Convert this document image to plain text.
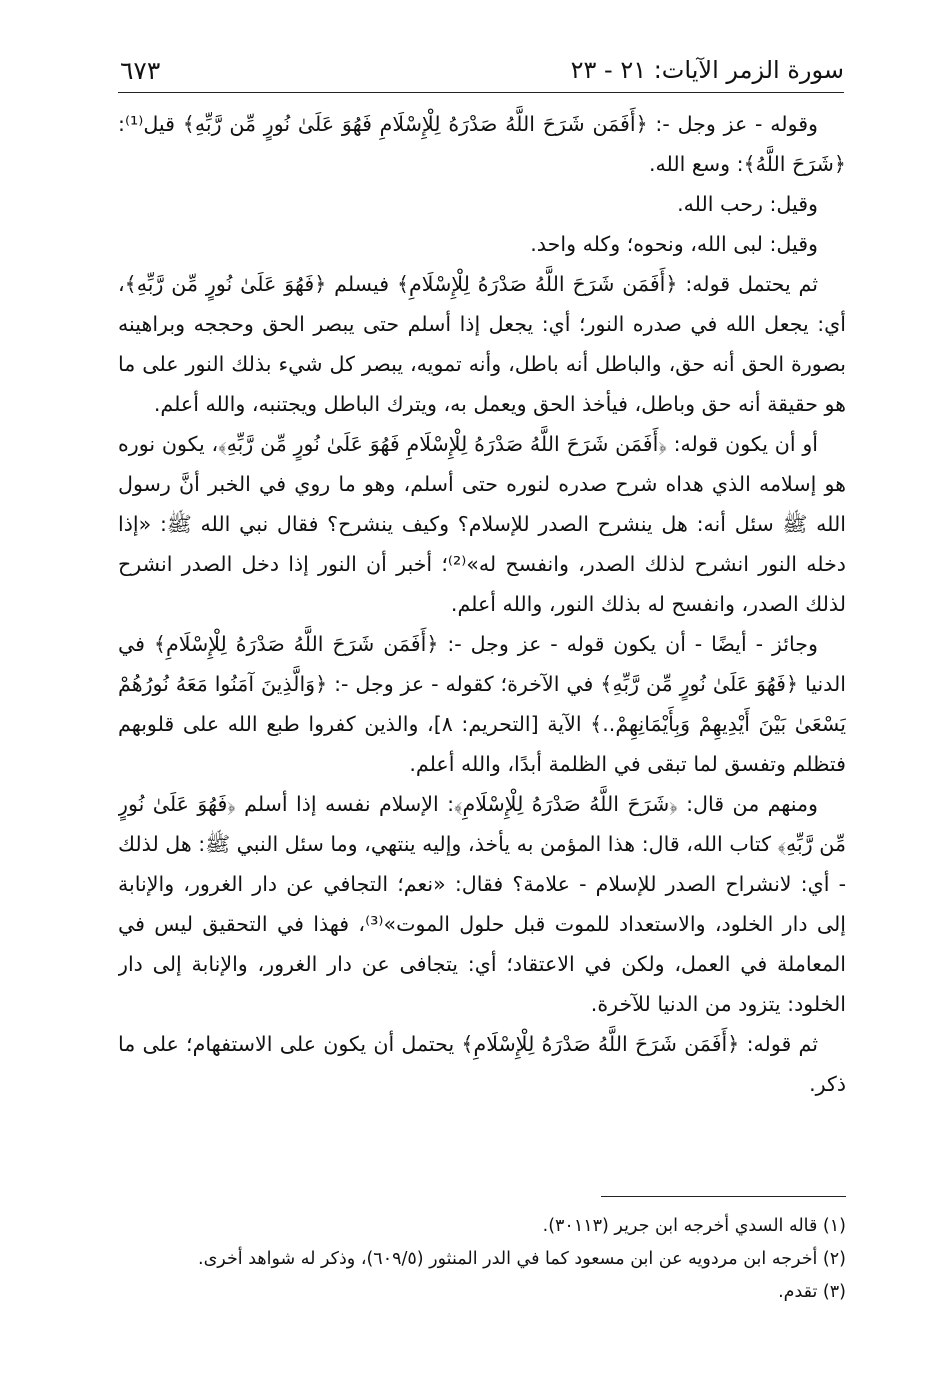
سورة الزمر الآيات: ٢١ - ٢٣
٦٧٣

وقوله - عز وجل -: ﴿أَفَمَن شَرَحَ اللَّهُ صَدْرَهُ لِلْإِسْلَامِ فَهُوَ عَلَىٰ نُورٍ مِّن رَّبِّهِ﴾ قيل⁽¹⁾: ﴿شَرَحَ اللَّهُ﴾: وسع الله.

وقيل: رحب الله.

وقيل: لبى الله، ونحوه؛ وكله واحد.

ثم يحتمل قوله: ﴿أَفَمَن شَرَحَ اللَّهُ صَدْرَهُ لِلْإِسْلَامِ﴾ فيسلم ﴿فَهُوَ عَلَىٰ نُورٍ مِّن رَّبِّهِ﴾، أي: يجعل الله في صدره النور؛ أي: يجعل إذا أسلم حتى يبصر الحق وحججه وبراهينه بصورة الحق أنه حق، والباطل أنه باطل، وأنه تمويه، يبصر كل شيء بذلك النور على ما هو حقيقة أنه حق وباطل، فيأخذ الحق ويعمل به، ويترك الباطل ويجتنبه، والله أعلم.

أو أن يكون قوله: ﴿أَفَمَن شَرَحَ اللَّهُ صَدْرَهُ لِلْإِسْلَامِ فَهُوَ عَلَىٰ نُورٍ مِّن رَّبِّهِ﴾، يكون نوره هو إسلامه الذي هداه شرح صدره لنوره حتى أسلم، وهو ما روي في الخبر أنَّ رسول الله ﷺ سئل أنه: هل ينشرح الصدر للإسلام؟ وكيف ينشرح؟ فقال نبي الله ﷺ: «إذا دخله النور انشرح لذلك الصدر، وانفسح له»⁽²⁾؛ أخبر أن النور إذا دخل الصدر انشرح لذلك الصدر، وانفسح له بذلك النور، والله أعلم.

وجائز - أيضًا - أن يكون قوله - عز وجل -: ﴿أَفَمَن شَرَحَ اللَّهُ صَدْرَهُ لِلْإِسْلَامِ﴾ في الدنيا ﴿فَهُوَ عَلَىٰ نُورٍ مِّن رَّبِّهِ﴾ في الآخرة؛ كقوله - عز وجل -: ﴿وَالَّذِينَ آمَنُوا مَعَهُ نُورُهُمْ يَسْعَىٰ بَيْنَ أَيْدِيهِمْ وَبِأَيْمَانِهِمْ..﴾ الآية [التحريم: ٨]، والذين كفروا طبع الله على قلوبهم فتظلم وتفسق لما تبقى في الظلمة أبدًا، والله أعلم.

ومنهم من قال: ﴿شَرَحَ اللَّهُ صَدْرَهُ لِلْإِسْلَامِ﴾: الإسلام نفسه إذا أسلم ﴿فَهُوَ عَلَىٰ نُورٍ مِّن رَّبِّهِ﴾ كتاب الله، قال: هذا المؤمن به يأخذ، وإليه ينتهي، وما سئل النبي ﷺ: هل لذلك - أي: لانشراح الصدر للإسلام - علامة؟ فقال: «نعم؛ التجافي عن دار الغرور، والإنابة إلى دار الخلود، والاستعداد للموت قبل حلول الموت»⁽³⁾، فهذا في التحقيق ليس في المعاملة في العمل، ولكن في الاعتقاد؛ أي: يتجافى عن دار الغرور، والإنابة إلى دار الخلود: يتزود من الدنيا للآخرة.

ثم قوله: ﴿أَفَمَن شَرَحَ اللَّهُ صَدْرَهُ لِلْإِسْلَامِ﴾ يحتمل أن يكون على الاستفهام؛ على ما ذكر.

(١) قاله السدي أخرجه ابن جرير (٣٠١١٣).
(٢) أخرجه ابن مردويه عن ابن مسعود كما في الدر المنثور (٦٠٩/٥)، وذكر له شواهد أخرى.
(٣) تقدم.
